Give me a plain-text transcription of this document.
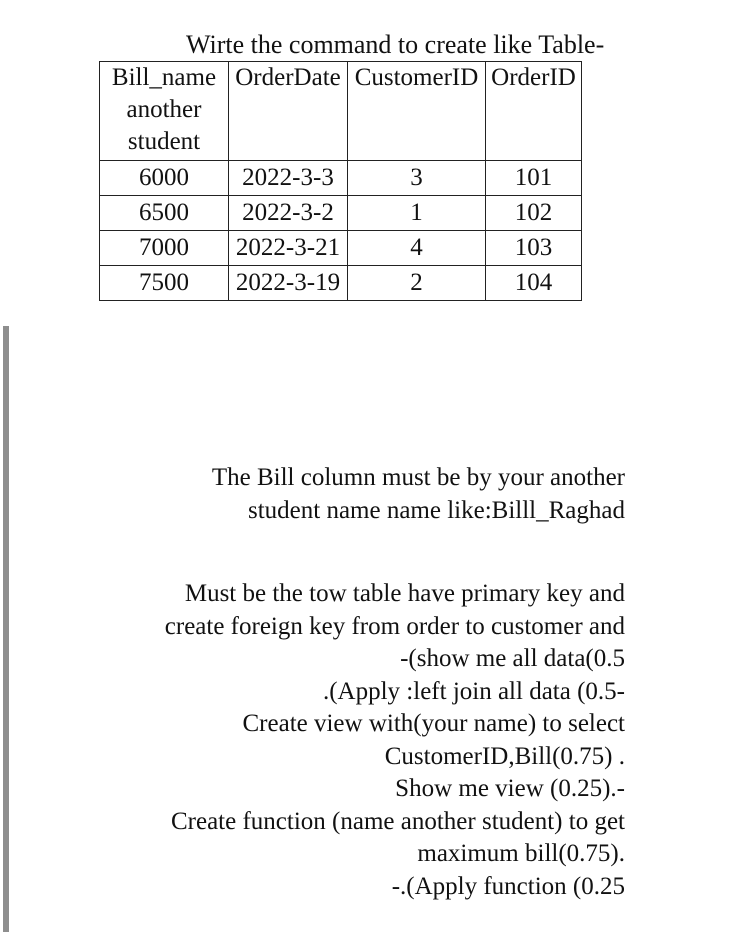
Wirte the command to create like Table-
Bill_name
another
student	OrderDate	CustomerID	OrderID

6000	2022-3-3	3	101
6500	2022-3-2	1	102
7000	2022-3-21	4	103
7500	2022-3-19	2	104
The Bill column must be by your another
student name name like:Billl_Raghad
Must be the tow table have primary key and
create foreign key from order to customer and
-(show me all data(0.5
.(Apply :left join all data (0.5-
Create view with(your name) to select
CustomerID,Bill(0.75) .
Show me view (0.25).-
Create function (name another student) to get
maximum bill(0.75).
-.(Apply function (0.25
